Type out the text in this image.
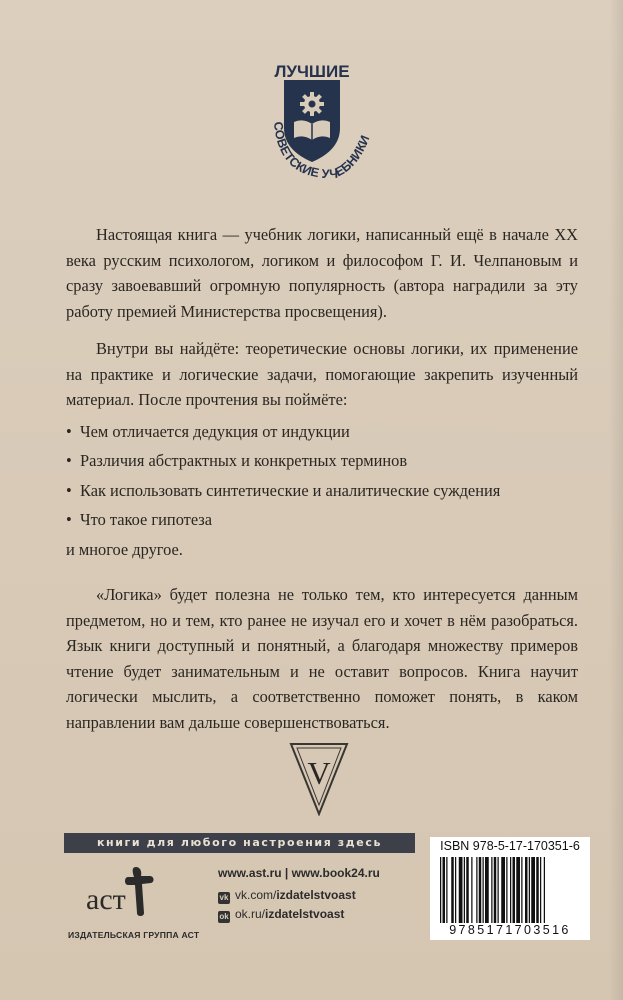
СОВЕТСКИЕ УЧЕБНИКИ
ЛУЧШИЕ

Настоящая книга — учебник логики, написанный ещё в начале XX века русским психологом, логиком и философом Г. И. Челпановым и сразу завоевавший огромную популярность (автора наградили за эту работу премией Министерства просвещения).

Внутри вы найдёте: теоретические основы логики, их применение на практике и логические задачи, помогающие закрепить изученный материал. После прочтения вы поймёте:

• Чем отличается дедукция от индукции
• Различия абстрактных и конкретных терминов
• Как использовать синтетические и аналитические суждения
• Что такое гипотеза

и многое другое.

«Логика» будет полезна не только тем, кто интересуется данным предметом, но и тем, кто ранее не изучал его и хочет в нём разобраться. Язык книги доступный и понятный, а благодаря множеству примеров чтение будет занимательным и не оставит вопросов. Книга научит логически мыслить, а соответственно поможет понять, в каком направлении вам дальше совершенствоваться.

V
книги для любого настроения здесь
аст
ИЗДАТЕЛЬСКАЯ ГРУППА АСТ
www.ast.ru | www.book24.ru
vk vk.com/izdatelstvoast
ok ok.ru/izdatelstvoast
ISBN 978-5-17-170351-6
9785171703516
